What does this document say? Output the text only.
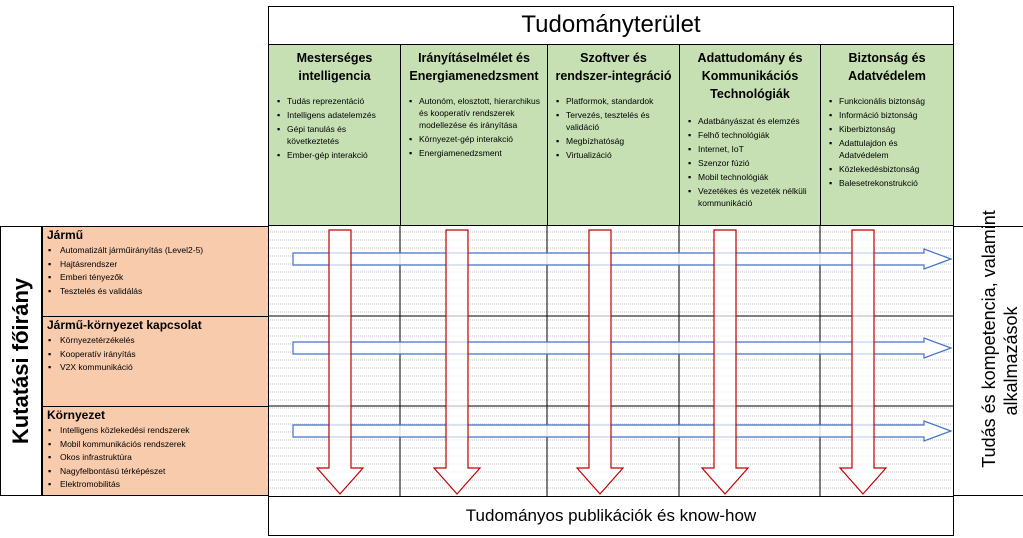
Tudományterület
Mesterséges
intelligencia
▪ Tudás reprezentáció
▪ Intelligens adatelemzés
▪ Gépi tanulás és következtetés
▪ Ember-gép interakció
Irányításelmélet és
Energiamenedzsment
▪ Autonóm, elosztott, hierarchikus és kooperatív rendszerek modellezése és irányítása
▪ Környezet-gép interakció
▪ Energiamenedzsment
Szoftver és
rendszer-integráció
▪ Platformok, standardok
▪ Tervezés, tesztelés és validáció
▪ Megbízhatóság
▪ Virtualizáció
Adattudomány és
Kommunikációs
Technológiák
▪ Adatbányászat és elemzés
▪ Felhő technológiák
▪ Internet, IoT
▪ Szenzor fúzió
▪ Mobil technológiák
▪ Vezetékes és vezeték nélküli kommunikáció
Biztonság és
Adatvédelem
▪ Funkcionális biztonság
▪ Információ biztonság
▪ Kiberbiztonság
▪ Adattulajdon és Adatvédelem
▪ Közlekedésbiztonság
▪ Balesetrekonstrukció
Kutatási főirány
Jármű
▪ Automatizált járműirányítás (Level2-5)
▪ Hajtásrendszer
▪ Emberi tényezők
▪ Tesztelés és validálás
Jármű-környezet kapcsolat
▪ Környezetérzékelés
▪ Kooperatív irányítás
▪ V2X kommunikáció
Környezet
▪ Intelligens közlekedési rendszerek
▪ Mobil kommunikációs rendszerek
▪ Okos infrastruktúra
▪ Nagyfelbontású térképészet
▪ Elektromobilitás
Tudás és kompetencia, valamint alkalmazások
Tudományos publikációk és know-how
